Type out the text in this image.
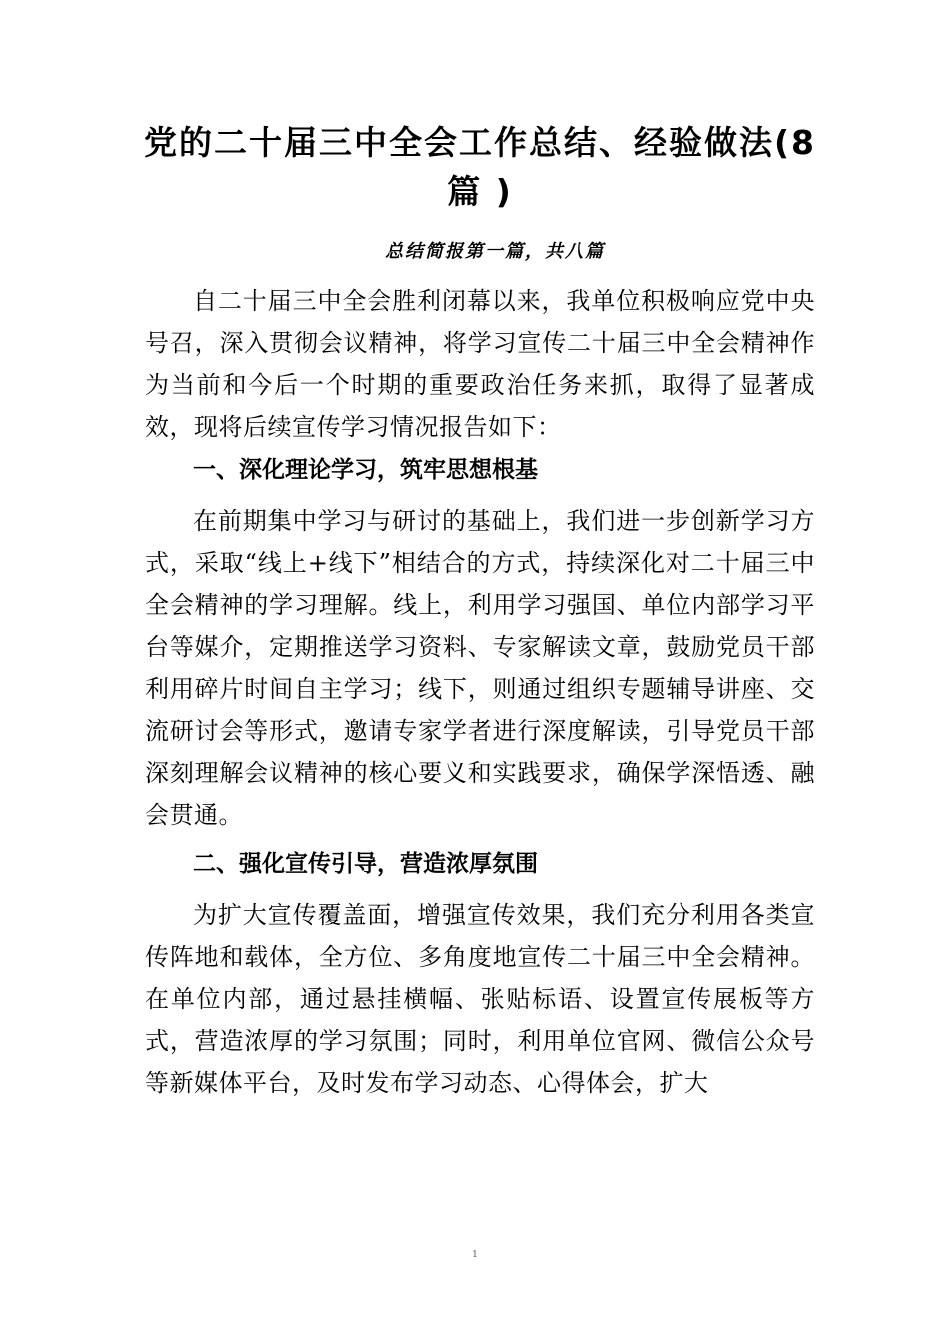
党的二十届三中全会工作总结、经验做法(8篇 )

总结简报第一篇，共八篇

自二十届三中全会胜利闭幕以来，我单位积极响应党中央号召，深入贯彻会议精神，将学习宣传二十届三中全会精神作为当前和今后一个时期的重要政治任务来抓，取得了显著成效，现将后续宣传学习情况报告如下：

一、深化理论学习，筑牢思想根基

在前期集中学习与研讨的基础上，我们进一步创新学习方式，采取“线上+线下”相结合的方式，持续深化对二十届三中全会精神的学习理解。线上，利用学习强国、单位内部学习平台等媒介，定期推送学习资料、专家解读文章，鼓励党员干部利用碎片时间自主学习；线下，则通过组织专题辅导讲座、交流研讨会等形式，邀请专家学者进行深度解读，引导党员干部深刻理解会议精神的核心要义和实践要求，确保学深悟透、融会贯通。

二、强化宣传引导，营造浓厚氛围

为扩大宣传覆盖面，增强宣传效果，我们充分利用各类宣传阵地和载体，全方位、多角度地宣传二十届三中全会精神。在单位内部，通过悬挂横幅、张贴标语、设置宣传展板等方式，营造浓厚的学习氛围；同时，利用单位官网、微信公众号等新媒体平台，及时发布学习动态、心得体会，扩大

1
